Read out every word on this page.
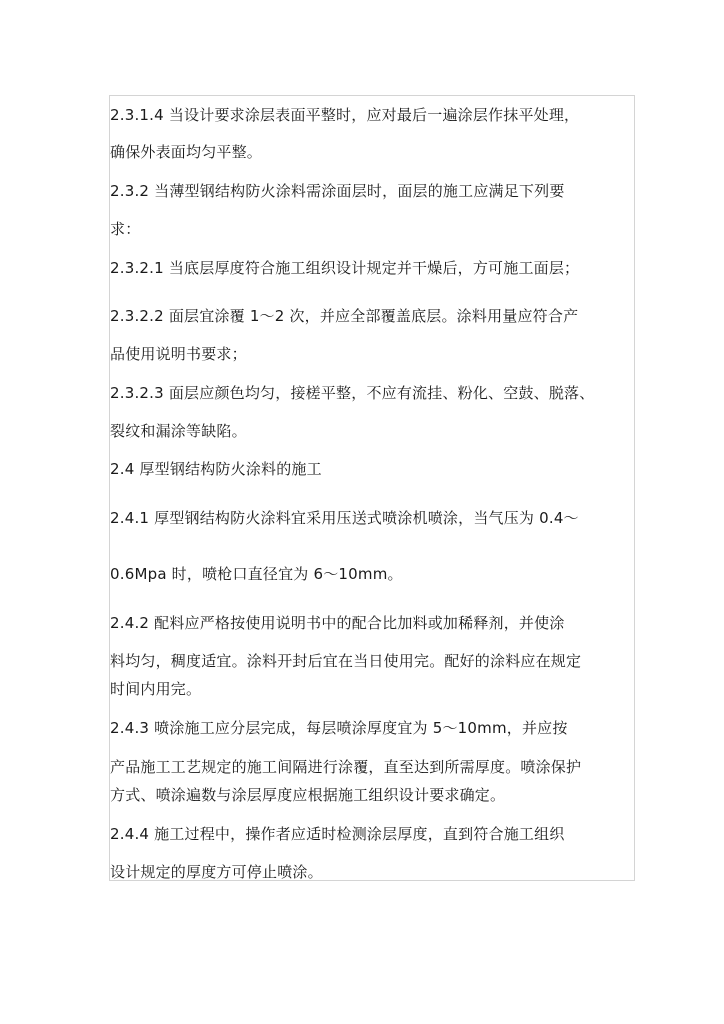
2.3.1.4 当设计要求涂层表面平整时，应对最后一遍涂层作抹平处理，
确保外表面均匀平整。
2.3.2 当薄型钢结构防火涂料需涂面层时，面层的施工应满足下列要
求：
2.3.2.1 当底层厚度符合施工组织设计规定并干燥后，方可施工面层；
2.3.2.2 面层宜涂覆 1～2 次，并应全部覆盖底层。涂料用量应符合产
品使用说明书要求；
2.3.2.3 面层应颜色均匀，接槎平整，不应有流挂、粉化、空鼓、脱落、
裂纹和漏涂等缺陷。
2.4 厚型钢结构防火涂料的施工
2.4.1 厚型钢结构防火涂料宜采用压送式喷涂机喷涂，当气压为 0.4～
0.6Mpa 时，喷枪口直径宜为 6～10mm。
2.4.2 配料应严格按使用说明书中的配合比加料或加稀释剂，并使涂
料均匀，稠度适宜。涂料开封后宜在当日使用完。配好的涂料应在规定
时间内用完。
2.4.3 喷涂施工应分层完成，每层喷涂厚度宜为 5～10mm，并应按
产品施工工艺规定的施工间隔进行涂覆，直至达到所需厚度。喷涂保护
方式、喷涂遍数与涂层厚度应根据施工组织设计要求确定。
2.4.4 施工过程中，操作者应适时检测涂层厚度，直到符合施工组织
设计规定的厚度方可停止喷涂。
